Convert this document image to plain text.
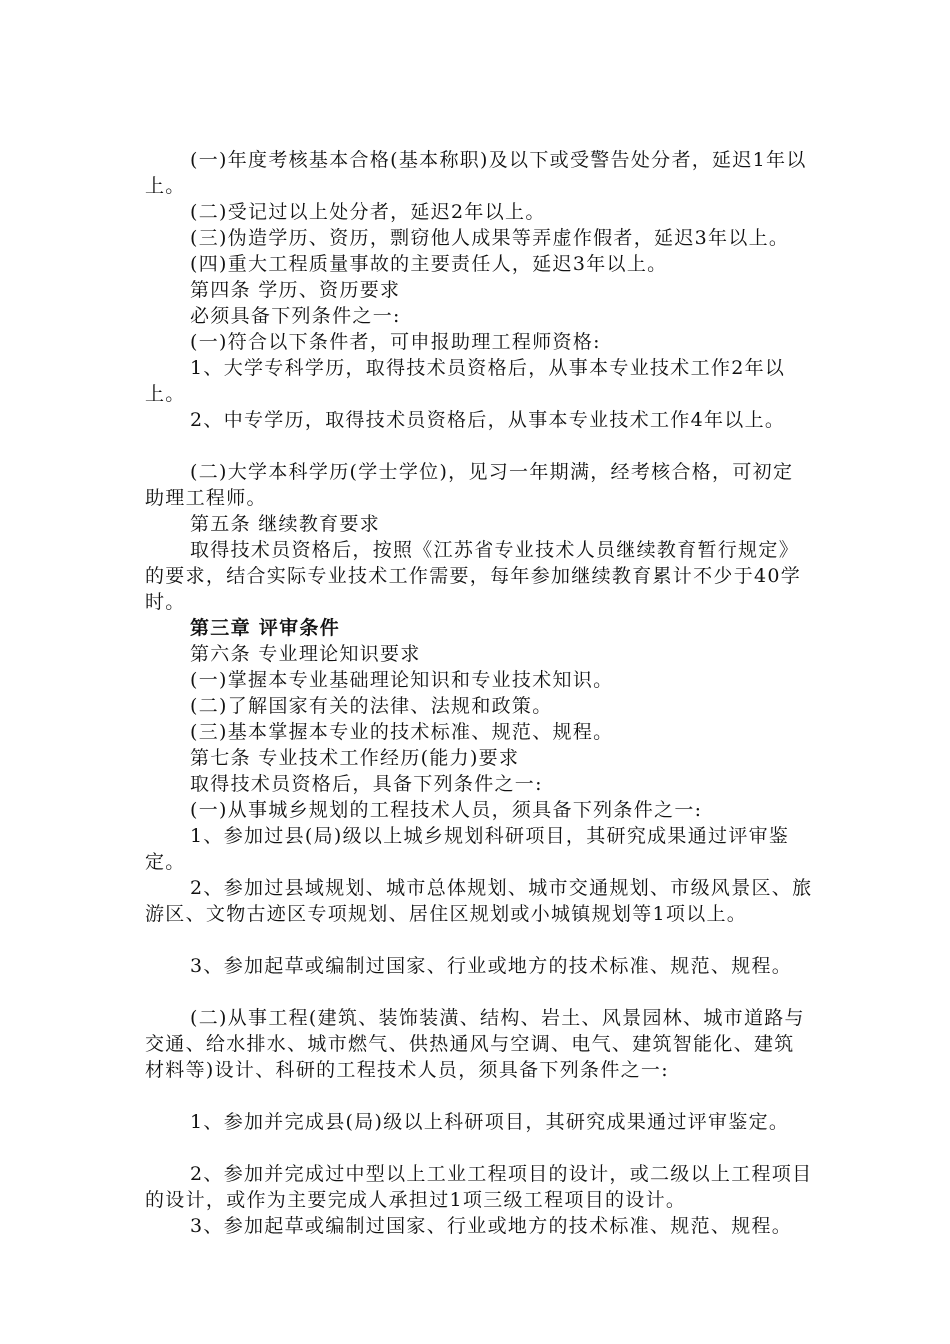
(一)年度考核基本合格(基本称职)及以下或受警告处分者，延迟1年以上。

(二)受记过以上处分者，延迟2年以上。

(三)伪造学历、资历，剽窃他人成果等弄虚作假者，延迟3年以上。

(四)重大工程质量事故的主要责任人，延迟3年以上。

第四条 学历、资历要求

必须具备下列条件之一:

(一)符合以下条件者，可申报助理工程师资格:

1、大学专科学历，取得技术员资格后，从事本专业技术工作2年以上。

2、中专学历，取得技术员资格后，从事本专业技术工作4年以上。

(二)大学本科学历(学士学位)，见习一年期满，经考核合格，可初定助理工程师。

第五条 继续教育要求

取得技术员资格后，按照《江苏省专业技术人员继续教育暂行规定》的要求，结合实际专业技术工作需要，每年参加继续教育累计不少于40学时。

第三章 评审条件

第六条 专业理论知识要求

(一)掌握本专业基础理论知识和专业技术知识。

(二)了解国家有关的法律、法规和政策。

(三)基本掌握本专业的技术标准、规范、规程。

第七条 专业技术工作经历(能力)要求

取得技术员资格后，具备下列条件之一:

(一)从事城乡规划的工程技术人员，须具备下列条件之一:

1、参加过县(局)级以上城乡规划科研项目，其研究成果通过评审鉴定。

2、参加过县域规划、城市总体规划、城市交通规划、市级风景区、旅游区、文物古迹区专项规划、居住区规划或小城镇规划等1项以上。

3、参加起草或编制过国家、行业或地方的技术标准、规范、规程。

(二)从事工程(建筑、装饰装潢、结构、岩土、风景园林、城市道路与交通、给水排水、城市燃气、供热通风与空调、电气、建筑智能化、建筑材料等)设计、科研的工程技术人员，须具备下列条件之一:

1、参加并完成县(局)级以上科研项目，其研究成果通过评审鉴定。

2、参加并完成过中型以上工业工程项目的设计，或二级以上工程项目的设计，或作为主要完成人承担过1项三级工程项目的设计。

3、参加起草或编制过国家、行业或地方的技术标准、规范、规程。
